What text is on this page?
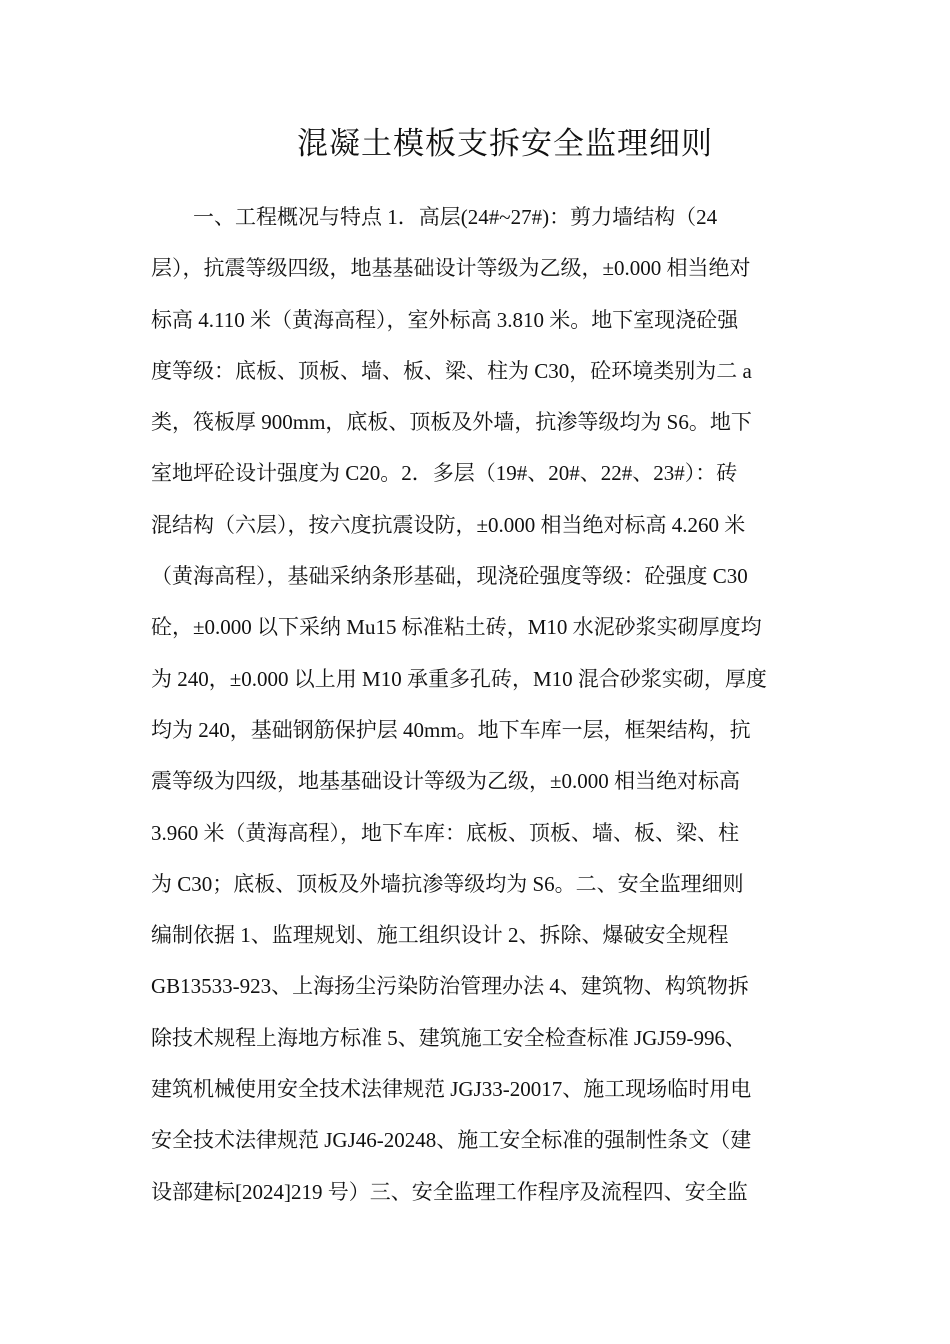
混凝土模板支拆安全监理细则
一、工程概况与特点 1．高层(24#~27#)：剪力墙结构（24
层），抗震等级四级，地基基础设计等级为乙级，±0.000 相当绝对
标高 4.110 米（黄海高程），室外标高 3.810 米。地下室现浇砼强
度等级：底板、顶板、墙、板、梁、柱为 C30，砼环境类别为二 a
类，筏板厚 900mm，底板、顶板及外墙，抗渗等级均为 S6。地下
室地坪砼设计强度为 C20。2．多层（19#、20#、22#、23#）：砖
混结构（六层），按六度抗震设防，±0.000 相当绝对标高 4.260 米
（黄海高程），基础采纳条形基础，现浇砼强度等级：砼强度 C30
砼，±0.000 以下采纳 Mu15 标准粘土砖，M10 水泥砂浆实砌厚度均
为 240，±0.000 以上用 M10 承重多孔砖，M10 混合砂浆实砌，厚度
均为 240，基础钢筋保护层 40mm。地下车库一层，框架结构，抗
震等级为四级，地基基础设计等级为乙级，±0.000 相当绝对标高
3.960 米（黄海高程），地下车库：底板、顶板、墙、板、梁、柱
为 C30；底板、顶板及外墙抗渗等级均为 S6。二、安全监理细则
编制依据 1、监理规划、施工组织设计 2、拆除、爆破安全规程
GB13533-923、上海扬尘污染防治管理办法 4、建筑物、构筑物拆
除技术规程上海地方标准 5、建筑施工安全检查标准 JGJ59-996、
建筑机械使用安全技术法律规范 JGJ33-20017、施工现场临时用电
安全技术法律规范 JGJ46-20248、施工安全标准的强制性条文（建
设部建标[2024]219 号）三、安全监理工作程序及流程四、安全监
